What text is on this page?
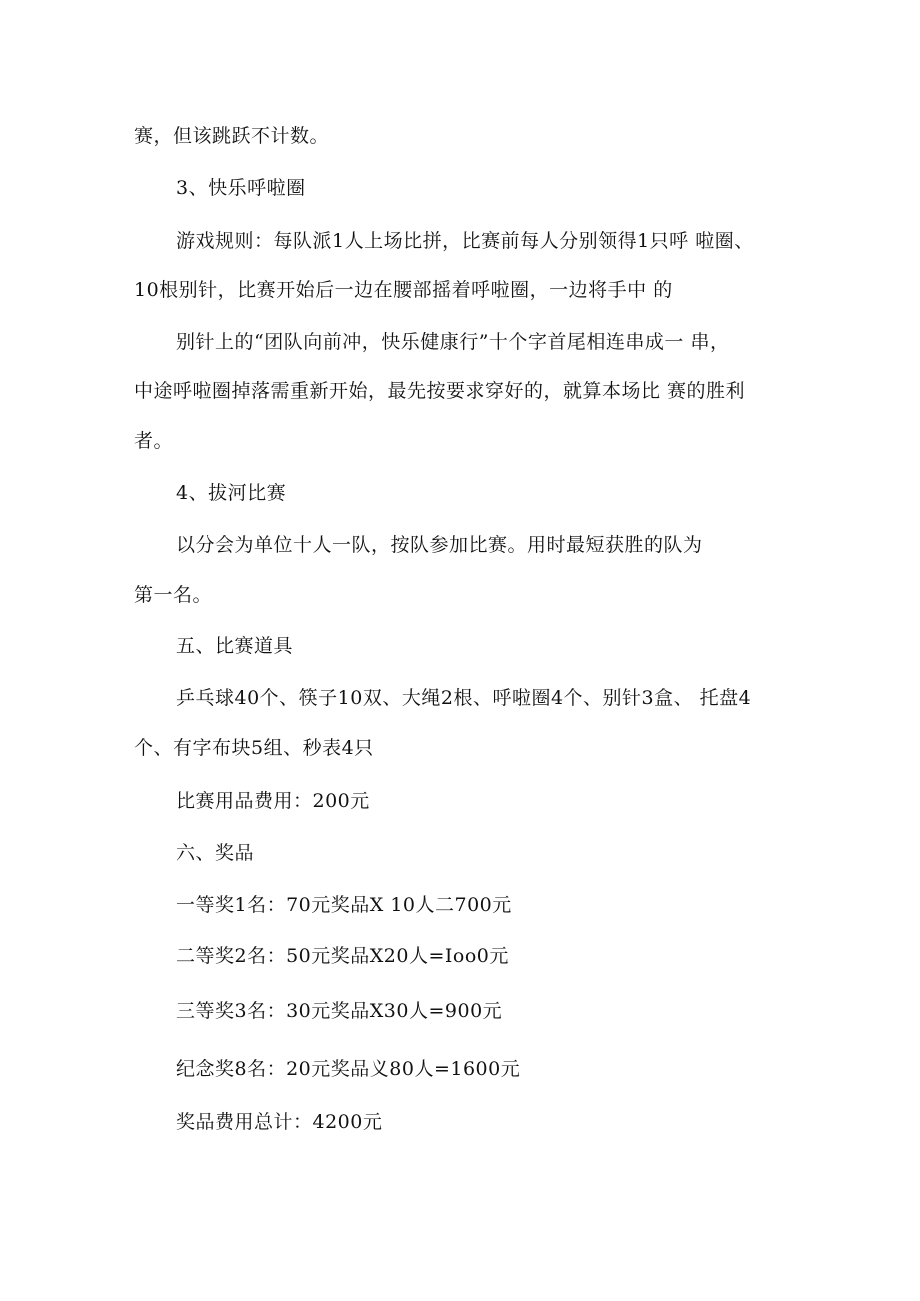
赛，但该跳跃不计数。
3、快乐呼啦圈
游戏规则：每队派1人上场比拼，比赛前每人分别领得1只呼 啦圈、
10根别针，比赛开始后一边在腰部摇着呼啦圈，一边将手中 的
别针上的“团队向前冲，快乐健康行”十个字首尾相连串成一 串，
中途呼啦圈掉落需重新开始，最先按要求穿好的，就算本场比 赛的胜利
者。
4、拔河比赛
以分会为单位十人一队，按队参加比赛。用时最短获胜的队为
第一名。
五、比赛道具
乒乓球40个、筷子10双、大绳2根、呼啦圈4个、别针3盒、 托盘4
个、有字布块5组、秒表4只
比赛用品费用：200元
六、奖品
一等奖1名：70元奖品X 10人二700元
二等奖2名：50元奖品X20人=Ioo0元
三等奖3名：30元奖品X30人=900元
纪念奖8名：20元奖品义80人=1600元
奖品费用总计：4200元
